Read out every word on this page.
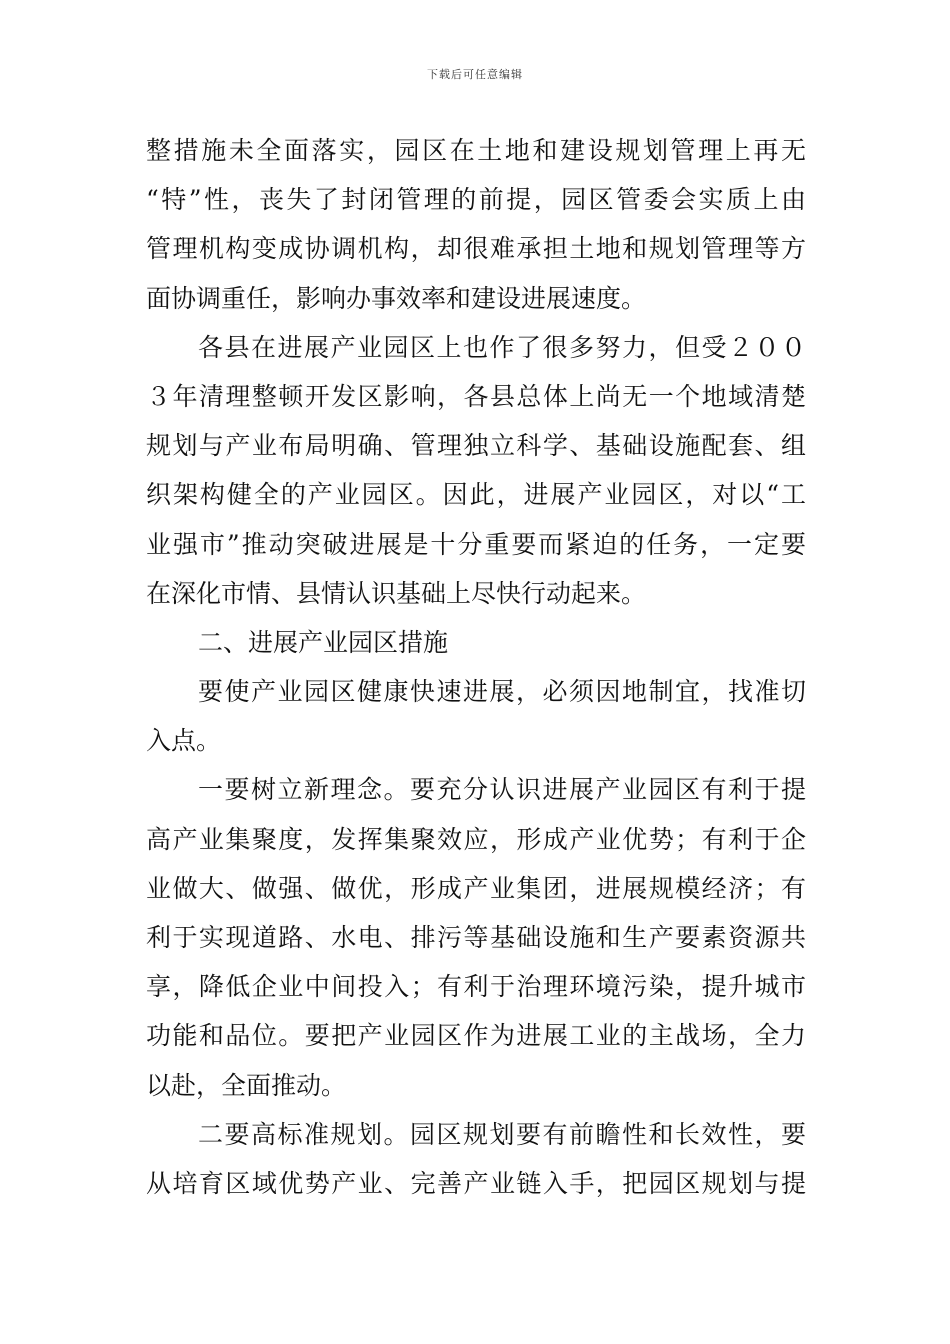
下载后可任意编辑
整措施未全面落实，园区在土地和建设规划管理上再无
“特”性，丧失了封闭管理的前提，园区管委会实质上由
管理机构变成协调机构，却很难承担土地和规划管理等方
面协调重任，影响办事效率和建设进展速度。
各县在进展产业园区上也作了很多努力，但受２００
３年清理整顿开发区影响，各县总体上尚无一个地域清楚
规划与产业布局明确、管理独立科学、基础设施配套、组
织架构健全的产业园区。因此，进展产业园区，对以“工
业强市”推动突破进展是十分重要而紧迫的任务，一定要
在深化市情、县情认识基础上尽快行动起来。
二、进展产业园区措施
要使产业园区健康快速进展，必须因地制宜，找准切
入点。
一要树立新理念。要充分认识进展产业园区有利于提
高产业集聚度，发挥集聚效应，形成产业优势；有利于企
业做大、做强、做优，形成产业集团，进展规模经济；有
利于实现道路、水电、排污等基础设施和生产要素资源共
享，降低企业中间投入；有利于治理环境污染，提升城市
功能和品位。要把产业园区作为进展工业的主战场，全力
以赴，全面推动。
二要高标准规划。园区规划要有前瞻性和长效性，要
从培育区域优势产业、完善产业链入手，把园区规划与提
